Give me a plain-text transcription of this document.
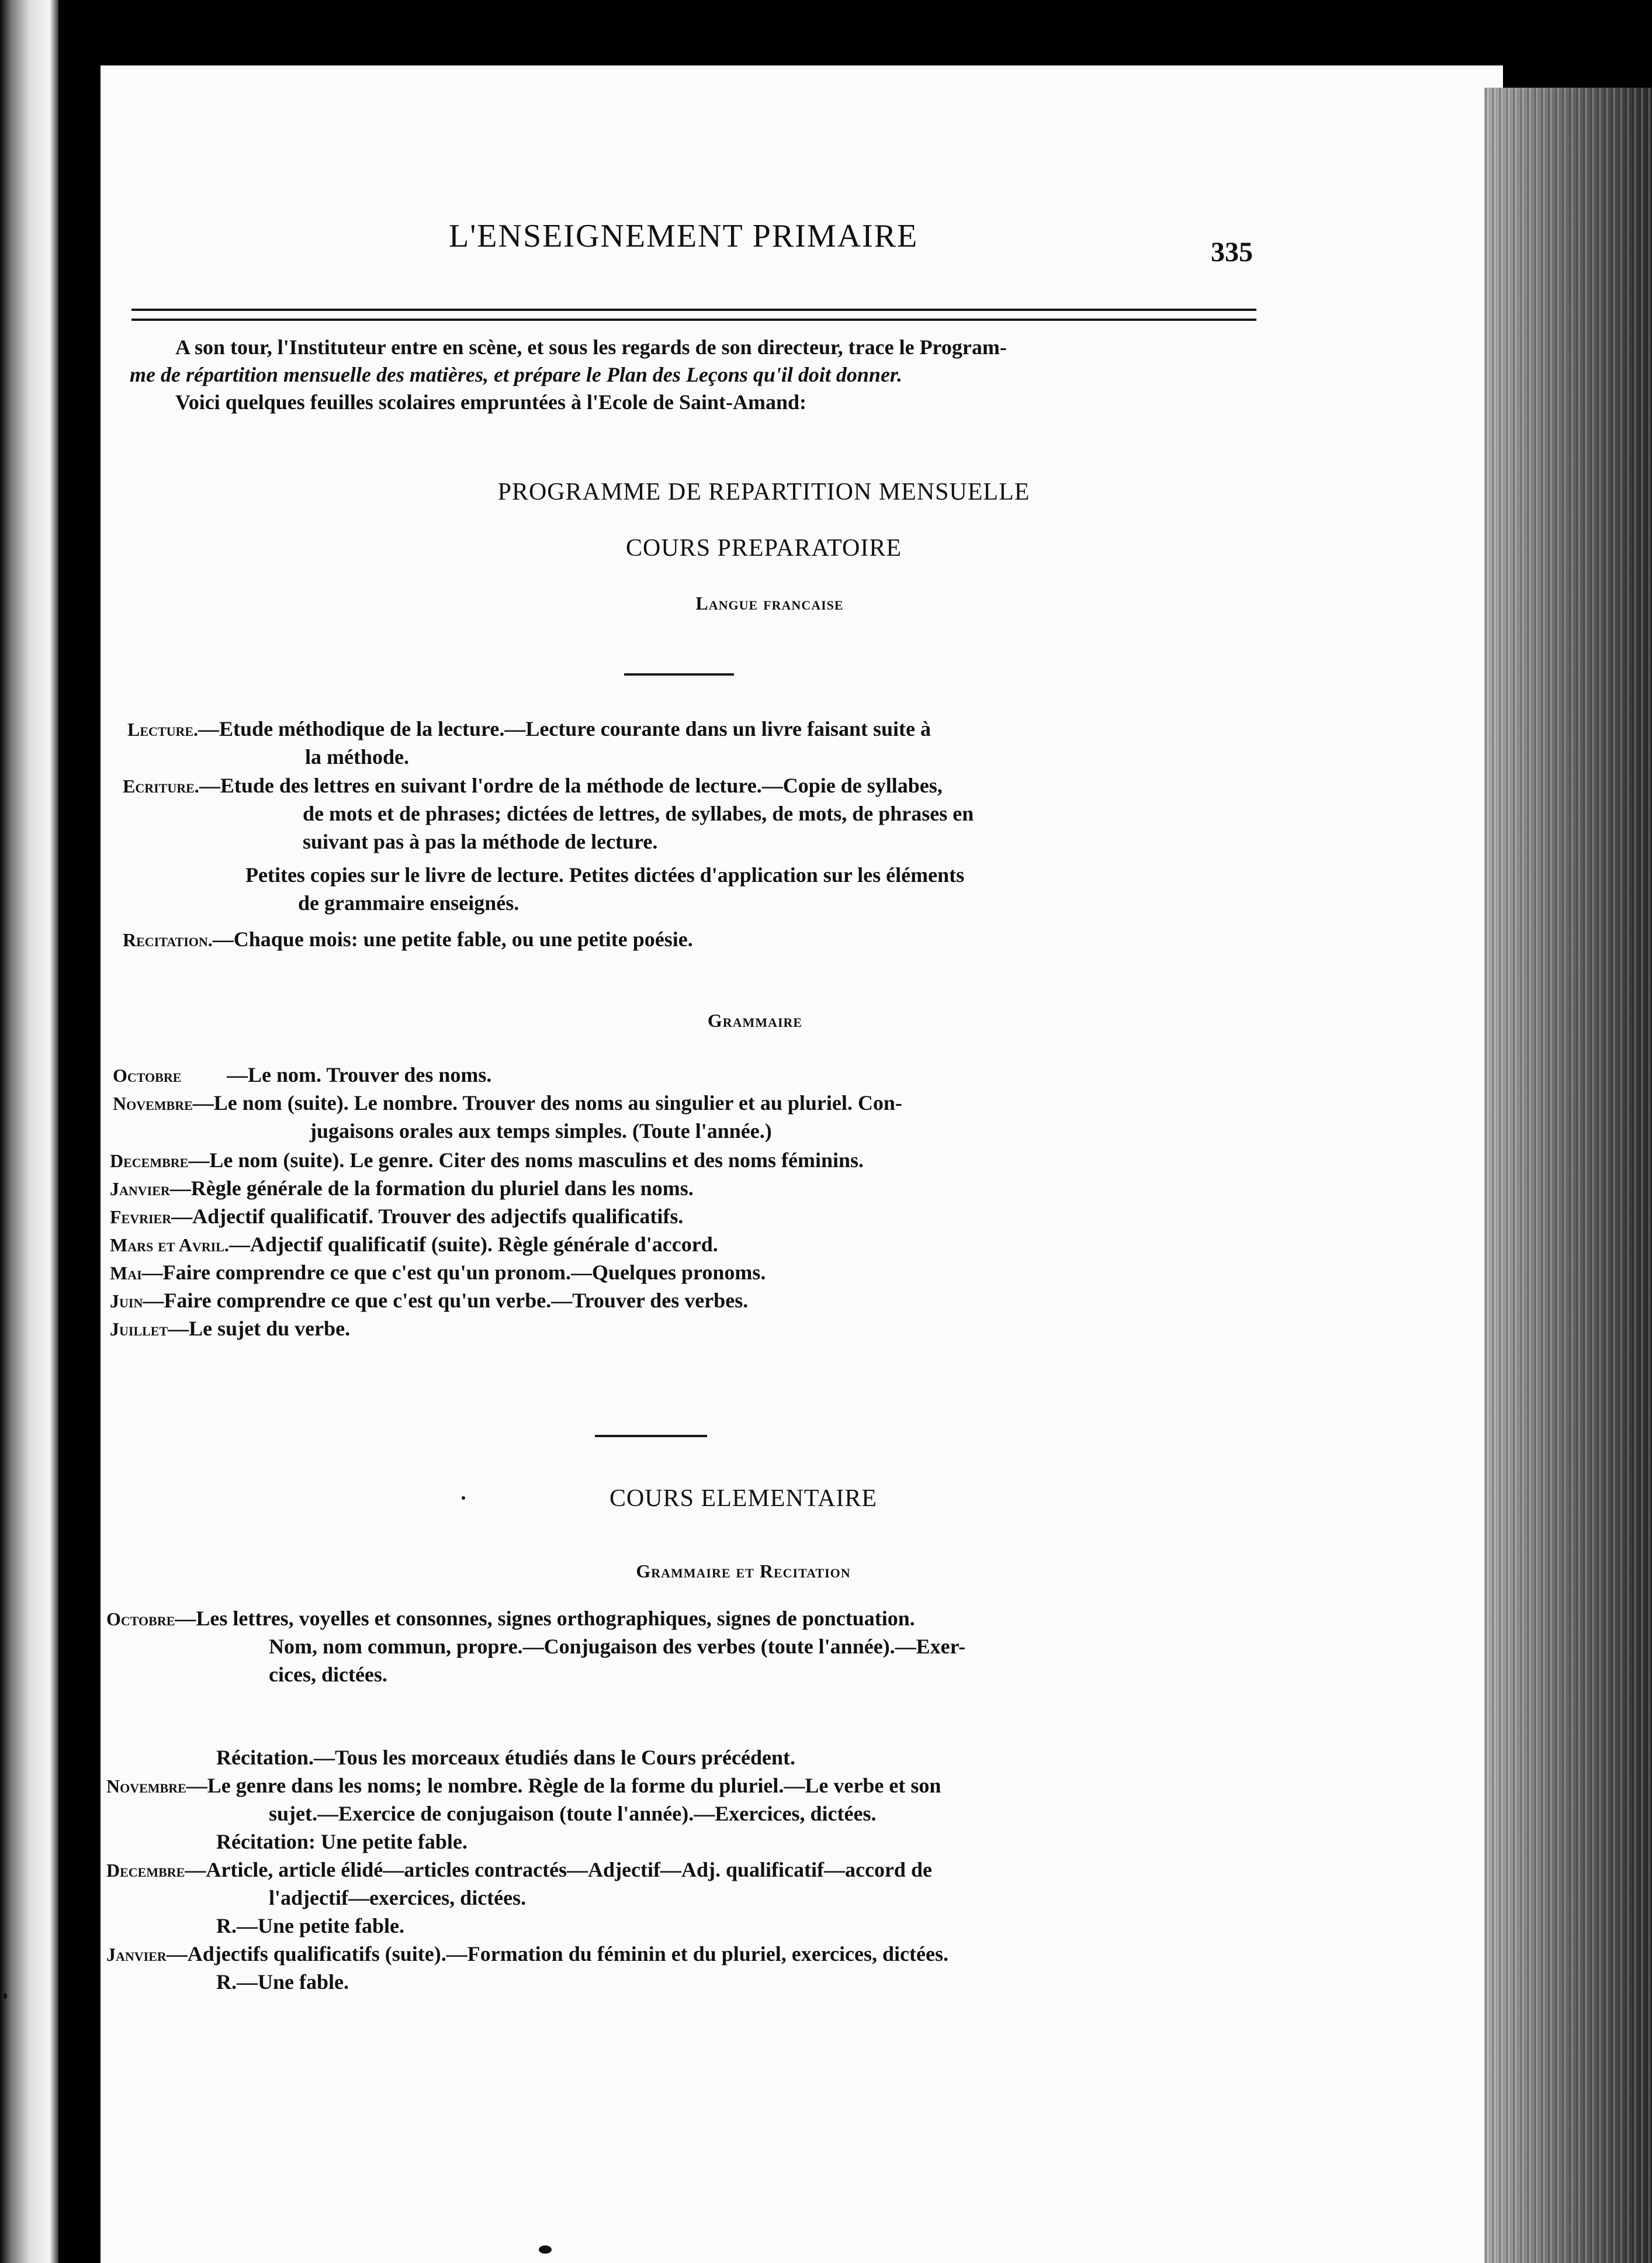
L'ENSEIGNEMENT PRIMAIRE	335

A son tour, l'Instituteur entre en scène, et sous les regards de son directeur, trace le Program-

me de répartition mensuelle des matières, et prépare le Plan des Leçons qu'il doit donner.

Voici quelques feuilles scolaires empruntées à l'Ecole de Saint-Amand:

PROGRAMME DE REPARTITION MENSUELLE

COURS PREPARATOIRE

Langue francaise

Lecture.—Etude méthodique de la lecture.—Lecture courante dans un livre faisant suite à

la méthode.

Ecriture.—Etude des lettres en suivant l'ordre de la méthode de lecture.—Copie de syllabes,

de mots et de phrases; dictées de lettres, de syllabes, de mots, de phrases en

suivant pas à pas la méthode de lecture.

Petites copies sur le livre de lecture. Petites dictées d'application sur les éléments

de grammaire enseignés.

Recitation.—Chaque mois: une petite fable, ou une petite poésie.

Grammaire

Octobre —Le nom. Trouver des noms.

Novembre—Le nom (suite). Le nombre. Trouver des noms au singulier et au pluriel. Con-

jugaisons orales aux temps simples. (Toute l'année.)

Decembre—Le nom (suite). Le genre. Citer des noms masculins et des noms féminins.

Janvier—Règle générale de la formation du pluriel dans les noms.

Fevrier—Adjectif qualificatif. Trouver des adjectifs qualificatifs.

Mars et Avril.—Adjectif qualificatif (suite). Règle générale d'accord.

Mai—Faire comprendre ce que c'est qu'un pronom.—Quelques pronoms.

Juin—Faire comprendre ce que c'est qu'un verbe.—Trouver des verbes.

Juillet—Le sujet du verbe.

COURS ELEMENTAIRE

Grammaire et Recitation

Octobre—Les lettres, voyelles et consonnes, signes orthographiques, signes de ponctuation.

Nom, nom commun, propre.—Conjugaison des verbes (toute l'année).—Exer-

cices, dictées.

Récitation.—Tous les morceaux étudiés dans le Cours précédent.

Novembre—Le genre dans les noms; le nombre. Règle de la forme du pluriel.—Le verbe et son

sujet.—Exercice de conjugaison (toute l'année).—Exercices, dictées.

Récitation: Une petite fable.

Decembre—Article, article élidé—articles contractés—Adjectif—Adj. qualificatif—accord de

l'adjectif—exercices, dictées.

R.—Une petite fable.

Janvier—Adjectifs qualificatifs (suite).—Formation du féminin et du pluriel, exercices, dictées.

R.—Une fable.
